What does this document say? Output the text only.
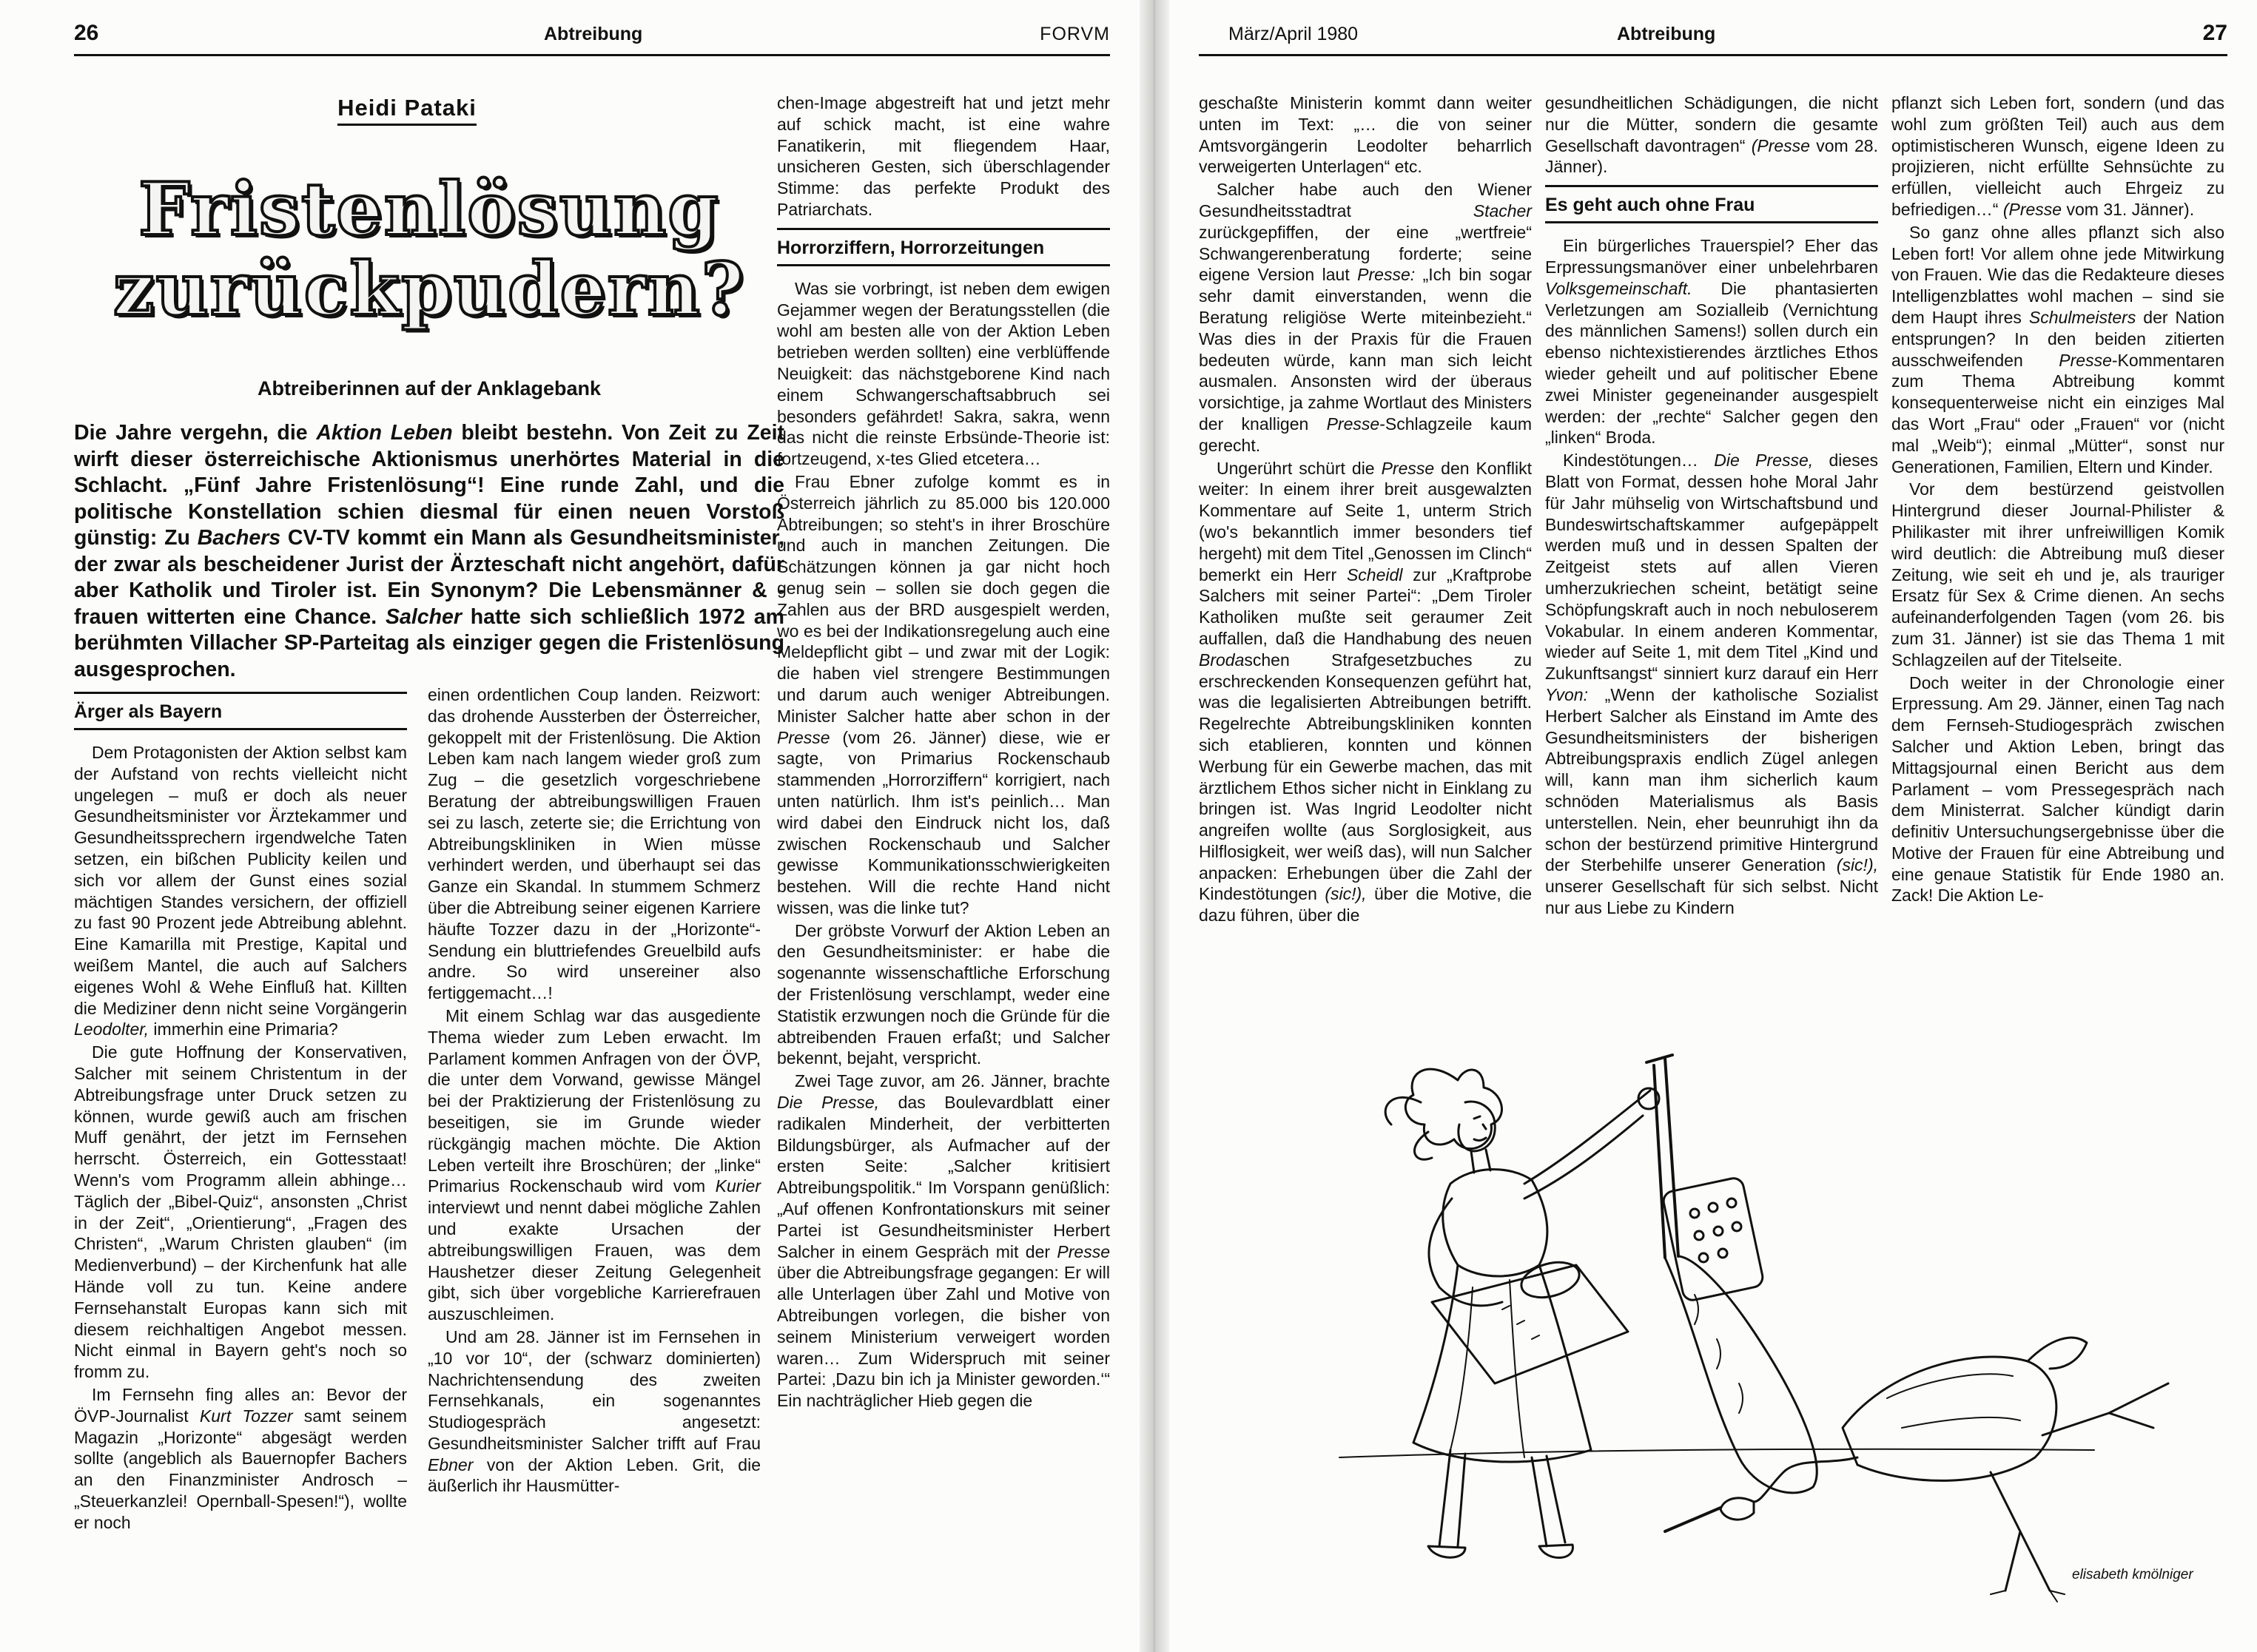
26	Abtreibung	FORVM
Heidi Pataki
Fristenlösung
zurückpudern?
Abtreiberinnen auf der Anklagebank
Die Jahre vergehn, die Aktion Leben bleibt bestehn. Von Zeit zu Zeit wirft dieser österreichische Aktionismus unerhörtes Material in die Schlacht. „Fünf Jahre Fristenlösung“! Eine runde Zahl, und die politische Konstellation schien diesmal für einen neuen Vorstoß günstig: Zu Bachers CV-TV kommt ein Mann als Gesundheitsminister, der zwar als bescheidener Jurist der Ärzteschaft nicht angehört, dafür aber Katholik und Tiroler ist. Ein Synonym? Die Lebensmänner & -frauen witterten eine Chance. Salcher hatte sich schließlich 1972 am berühmten Villacher SP-Parteitag als einziger gegen die Fristenlösung ausgesprochen.
Ärger als Bayern

Dem Protagonisten der Aktion selbst kam der Aufstand von rechts vielleicht nicht ungelegen – muß er doch als neuer Gesundheitsminister vor Ärztekammer und Gesundheitssprechern irgendwelche Taten setzen, ein bißchen Publicity keilen und sich vor allem der Gunst eines sozial mächtigen Standes versichern, der offiziell zu fast 90 Prozent jede Abtreibung ablehnt. Eine Kamarilla mit Prestige, Kapital und weißem Mantel, die auch auf Salchers eigenes Wohl & Wehe Einfluß hat. Killten die Mediziner denn nicht seine Vorgängerin Leodolter, immerhin eine Primaria?

Die gute Hoffnung der Konservativen, Salcher mit seinem Christentum in der Abtreibungsfrage unter Druck setzen zu können, wurde gewiß auch am frischen Muff genährt, der jetzt im Fernsehen herrscht. Österreich, ein Gottesstaat! Wenn's vom Programm allein abhinge… Täglich der „Bibel-Quiz“, ansonsten „Christ in der Zeit“, „Orientierung“, „Fragen des Christen“, „Warum Christen glauben“ (im Medienverbund) – der Kirchenfunk hat alle Hände voll zu tun. Keine andere Fernsehanstalt Europas kann sich mit diesem reichhaltigen Angebot messen. Nicht einmal in Bayern geht's noch so fromm zu.

Im Fernsehn fing alles an: Bevor der ÖVP-Journalist Kurt Tozzer samt seinem Magazin „Horizonte“ abgesägt werden sollte (angeblich als Bauernopfer Bachers an den Finanzminister Androsch – „Steuerkanzlei! Opernball-Spesen!“), wollte er noch

einen ordentlichen Coup landen. Reizwort: das drohende Aussterben der Österreicher, gekoppelt mit der Fristenlösung. Die Aktion Leben kam nach langem wieder groß zum Zug – die gesetzlich vorgeschriebene Beratung der abtreibungswilligen Frauen sei zu lasch, zeterte sie; die Errichtung von Abtreibungskliniken in Wien müsse verhindert werden, und überhaupt sei das Ganze ein Skandal. In stummem Schmerz über die Abtreibung seiner eigenen Karriere häufte Tozzer dazu in der „Horizonte“-Sendung ein bluttriefendes Greuelbild aufs andre. So wird unsereiner also fertiggemacht…!

Mit einem Schlag war das ausgediente Thema wieder zum Leben erwacht. Im Parlament kommen Anfragen von der ÖVP, die unter dem Vorwand, gewisse Mängel bei der Praktizierung der Fristenlösung zu beseitigen, sie im Grunde wieder rückgängig machen möchte. Die Aktion Leben verteilt ihre Broschüren; der „linke“ Primarius Rockenschaub wird vom Kurier interviewt und nennt dabei mögliche Zahlen und exakte Ursachen der abtreibungswilligen Frauen, was dem Haushetzer dieser Zeitung Gelegenheit gibt, sich über vorgebliche Karrierefrauen auszuschleimen.

Und am 28. Jänner ist im Fernsehen in „10 vor 10“, der (schwarz dominierten) Nachrichtensendung des zweiten Fernsehkanals, ein sogenanntes Studiogespräch angesetzt: Gesundheitsminister Salcher trifft auf Frau Ebner von der Aktion Leben. Grit, die äußerlich ihr Hausmütter-

chen-Image abgestreift hat und jetzt mehr auf schick macht, ist eine wahre Fanatikerin, mit fliegendem Haar, unsicheren Gesten, sich überschlagender Stimme: das perfekte Produkt des Patriarchats.

Horrorziffern, Horrorzeitungen

Was sie vorbringt, ist neben dem ewigen Gejammer wegen der Beratungsstellen (die wohl am besten alle von der Aktion Leben betrieben werden sollten) eine verblüffende Neuigkeit: das nächstgeborene Kind nach einem Schwangerschaftsabbruch sei besonders gefährdet! Sakra, sakra, wenn das nicht die reinste Erbsünde-Theorie ist: fortzeugend, x-tes Glied etcetera…

Frau Ebner zufolge kommt es in Österreich jährlich zu 85.000 bis 120.000 Abtreibungen; so steht's in ihrer Broschüre und auch in manchen Zeitungen. Die Schätzungen können ja gar nicht hoch genug sein – sollen sie doch gegen die Zahlen aus der BRD ausgespielt werden, wo es bei der Indikationsregelung auch eine Meldepflicht gibt – und zwar mit der Logik: die haben viel strengere Bestimmungen und darum auch weniger Abtreibungen. Minister Salcher hatte aber schon in der Presse (vom 26. Jänner) diese, wie er sagte, von Primarius Rockenschaub stammenden „Horrorziffern“ korrigiert, nach unten natürlich. Ihm ist's peinlich… Man wird dabei den Eindruck nicht los, daß zwischen Rockenschaub und Salcher gewisse Kommunikationsschwierigkeiten bestehen. Will die rechte Hand nicht wissen, was die linke tut?

Der gröbste Vorwurf der Aktion Leben an den Gesundheitsminister: er habe die sogenannte wissenschaftliche Erforschung der Fristenlösung verschlampt, weder eine Statistik erzwungen noch die Gründe für die abtreibenden Frauen erfaßt; und Salcher bekennt, bejaht, verspricht.

Zwei Tage zuvor, am 26. Jänner, brachte Die Presse, das Boulevardblatt einer radikalen Minderheit, der verbitterten Bildungsbürger, als Aufmacher auf der ersten Seite: „Salcher kritisiert Abtreibungspolitik.“ Im Vorspann genüßlich: „Auf offenen Konfrontationskurs mit seiner Partei ist Gesundheitsminister Herbert Salcher in einem Gespräch mit der Presse über die Abtreibungsfrage gegangen: Er will alle Unterlagen über Zahl und Motive von Abtreibungen vorlegen, die bisher von seinem Ministerium verweigert worden waren… Zum Widerspruch mit seiner Partei: ‚Dazu bin ich ja Minister geworden.‘“ Ein nachträglicher Hieb gegen die

März/April 1980	Abtreibung	27

geschaßte Ministerin kommt dann weiter unten im Text: „… die von seiner Amtsvorgängerin Leodolter beharrlich verweigerten Unterlagen“ etc.

Salcher habe auch den Wiener Gesundheitsstadtrat Stacher zurückgepfiffen, der eine „wertfreie“ Schwangerenberatung forderte; seine eigene Version laut Presse: „Ich bin sogar sehr damit einverstanden, wenn die Beratung religiöse Werte miteinbezieht.“ Was dies in der Praxis für die Frauen bedeuten würde, kann man sich leicht ausmalen. Ansonsten wird der überaus vorsichtige, ja zahme Wortlaut des Ministers der knalligen Presse-Schlagzeile kaum gerecht.

Ungerührt schürt die Presse den Konflikt weiter: In einem ihrer breit ausgewalzten Kommentare auf Seite 1, unterm Strich (wo's bekanntlich immer besonders tief hergeht) mit dem Titel „Genossen im Clinch“ bemerkt ein Herr Scheidl zur „Kraftprobe Salchers mit seiner Partei“: „Dem Tiroler Katholiken mußte seit geraumer Zeit auffallen, daß die Handhabung des neuen Brodaschen Strafgesetzbuches zu erschreckenden Konsequenzen geführt hat, was die legalisierten Abtreibungen betrifft. Regelrechte Abtreibungskliniken konnten sich etablieren, konnten und können Werbung für ein Gewerbe machen, das mit ärztlichem Ethos sicher nicht in Einklang zu bringen ist. Was Ingrid Leodolter nicht angreifen wollte (aus Sorglosigkeit, aus Hilflosigkeit, wer weiß das), will nun Salcher anpacken: Erhebungen über die Zahl der Kindestötungen (sic!), über die Motive, die dazu führen, über die

gesundheitlichen Schädigungen, die nicht nur die Mütter, sondern die gesamte Gesellschaft davontragen“ (Presse vom 28. Jänner).

Es geht auch ohne Frau

Ein bürgerliches Trauerspiel? Eher das Erpressungsmanöver einer unbelehrbaren Volksgemeinschaft. Die phantasierten Verletzungen am Sozialleib (Vernichtung des männlichen Samens!) sollen durch ein ebenso nichtexistierendes ärztliches Ethos wieder geheilt und auf politischer Ebene zwei Minister gegeneinander ausgespielt werden: der „rechte“ Salcher gegen den „linken“ Broda.

Kindestötungen… Die Presse, dieses Blatt von Format, dessen hohe Moral Jahr für Jahr mühselig von Wirtschaftsbund und Bundeswirtschaftskammer aufgepäppelt werden muß und in dessen Spalten der Zeitgeist stets auf allen Vieren umherzukriechen scheint, betätigt seine Schöpfungskraft auch in noch nebuloserem Vokabular. In einem anderen Kommentar, wieder auf Seite 1, mit dem Titel „Kind und Zukunftsangst“ sinniert kurz darauf ein Herr Yvon: „Wenn der katholische Sozialist Herbert Salcher als Einstand im Amte des Gesundheitsministers der bisherigen Abtreibungspraxis endlich Zügel anlegen will, kann man ihm sicherlich kaum schnöden Materialismus als Basis unterstellen. Nein, eher beunruhigt ihn da schon der bestürzend primitive Hintergrund der Sterbehilfe unserer Generation (sic!), unserer Gesellschaft für sich selbst. Nicht nur aus Liebe zu Kindern

pflanzt sich Leben fort, sondern (und das wohl zum größten Teil) auch aus dem optimistischeren Wunsch, eigene Ideen zu projizieren, nicht erfüllte Sehnsüchte zu erfüllen, vielleicht auch Ehrgeiz zu befriedigen…“ (Presse vom 31. Jänner).

So ganz ohne alles pflanzt sich also Leben fort! Vor allem ohne jede Mitwirkung von Frauen. Wie das die Redakteure dieses Intelligenzblattes wohl machen – sind sie dem Haupt ihres Schulmeisters der Nation entsprungen? In den beiden zitierten ausschweifenden Presse-Kommentaren zum Thema Abtreibung kommt konsequenterweise nicht ein einziges Mal das Wort „Frau“ oder „Frauen“ vor (nicht mal „Weib“); einmal „Mütter“, sonst nur Generationen, Familien, Eltern und Kinder.

Vor dem bestürzend geistvollen Hintergrund dieser Journal-Philister & Philikaster mit ihrer unfreiwilligen Komik wird deutlich: die Abtreibung muß dieser Zeitung, wie seit eh und je, als trauriger Ersatz für Sex & Crime dienen. An sechs aufeinanderfolgenden Tagen (vom 26. bis zum 31. Jänner) ist sie das Thema 1 mit Schlagzeilen auf der Titelseite.

Doch weiter in der Chronologie einer Erpressung. Am 29. Jänner, einen Tag nach dem Fernseh-Studiogespräch zwischen Salcher und Aktion Leben, bringt das Mittagsjournal einen Bericht aus dem Parlament – vom Pressegespräch nach dem Ministerrat. Salcher kündigt darin definitiv Untersuchungsergebnisse über die Motive der Frauen für eine Abtreibung und eine genaue Statistik für Ende 1980 an. Zack! Die Aktion Le-

elisabeth kmölniger
